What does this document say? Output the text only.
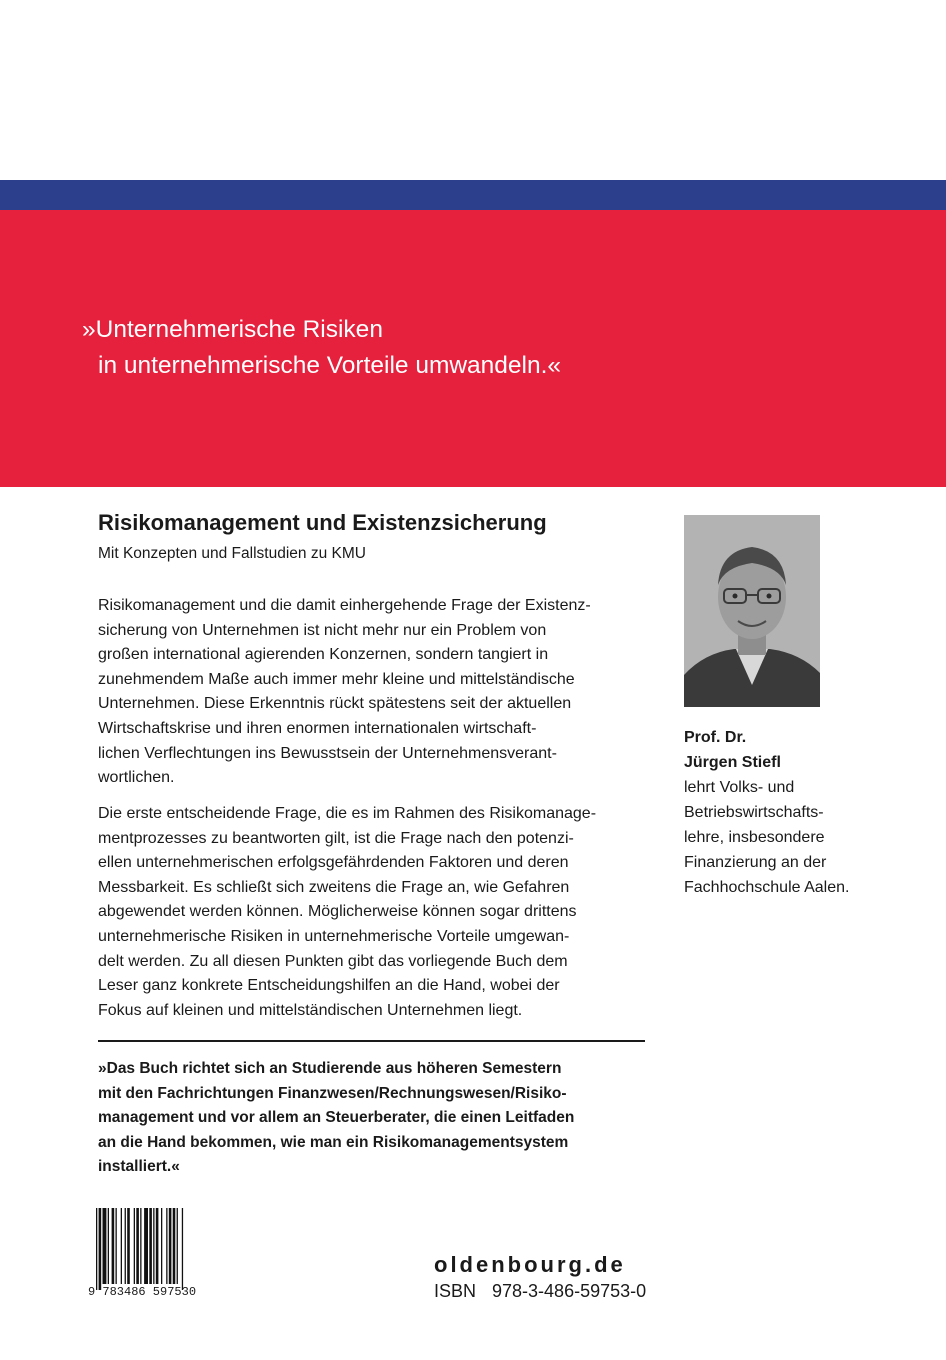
»Unternehmerische Risiken
in unternehmerische Vorteile umwandeln.«
Risikomanagement und Existenzsicherung
Mit Konzepten und Fallstudien zu KMU
Risikomanagement und die damit einhergehende Frage der Existenz-
sicherung von Unternehmen ist nicht mehr nur ein Problem von
großen international agierenden Konzernen, sondern tangiert in
zunehmendem Maße auch immer mehr kleine und mittelständische
Unternehmen. Diese Erkenntnis rückt spätestens seit der aktuellen
Wirtschaftskrise und ihren enormen internationalen wirtschaft-
lichen Verflechtungen ins Bewusstsein der Unternehmensverant-
wortlichen.
Die erste entscheidende Frage, die es im Rahmen des Risikomanage-
mentprozesses zu beantworten gilt, ist die Frage nach den potenzi-
ellen unternehmerischen erfolgsgefährdenden Faktoren und deren
Messbarkeit. Es schließt sich zweitens die Frage an, wie Gefahren
abgewendet werden können. Möglicherweise können sogar drittens
unternehmerische Risiken in unternehmerische Vorteile umgewan-
delt werden. Zu all diesen Punkten gibt das vorliegende Buch dem
Leser ganz konkrete Entscheidungshilfen an die Hand, wobei der
Fokus auf kleinen und mittelständischen Unternehmen liegt.
»Das Buch richtet sich an Studierende aus höheren Semestern
mit den Fachrichtungen Finanzwesen/Rechnungswesen/Risiko-
management und vor allem an Steuerberater, die einen Leitfaden
an die Hand bekommen, wie man ein Risikomanagementsystem
installiert.«
Prof. Dr.
Jürgen Stiefl
lehrt Volks- und
Betriebswirtschafts-
lehre, insbesondere
Finanzierung an der
Fachhochschule Aalen.
9 783486 597530
oldenbourg.de
ISBN 978-3-486-59753-0
